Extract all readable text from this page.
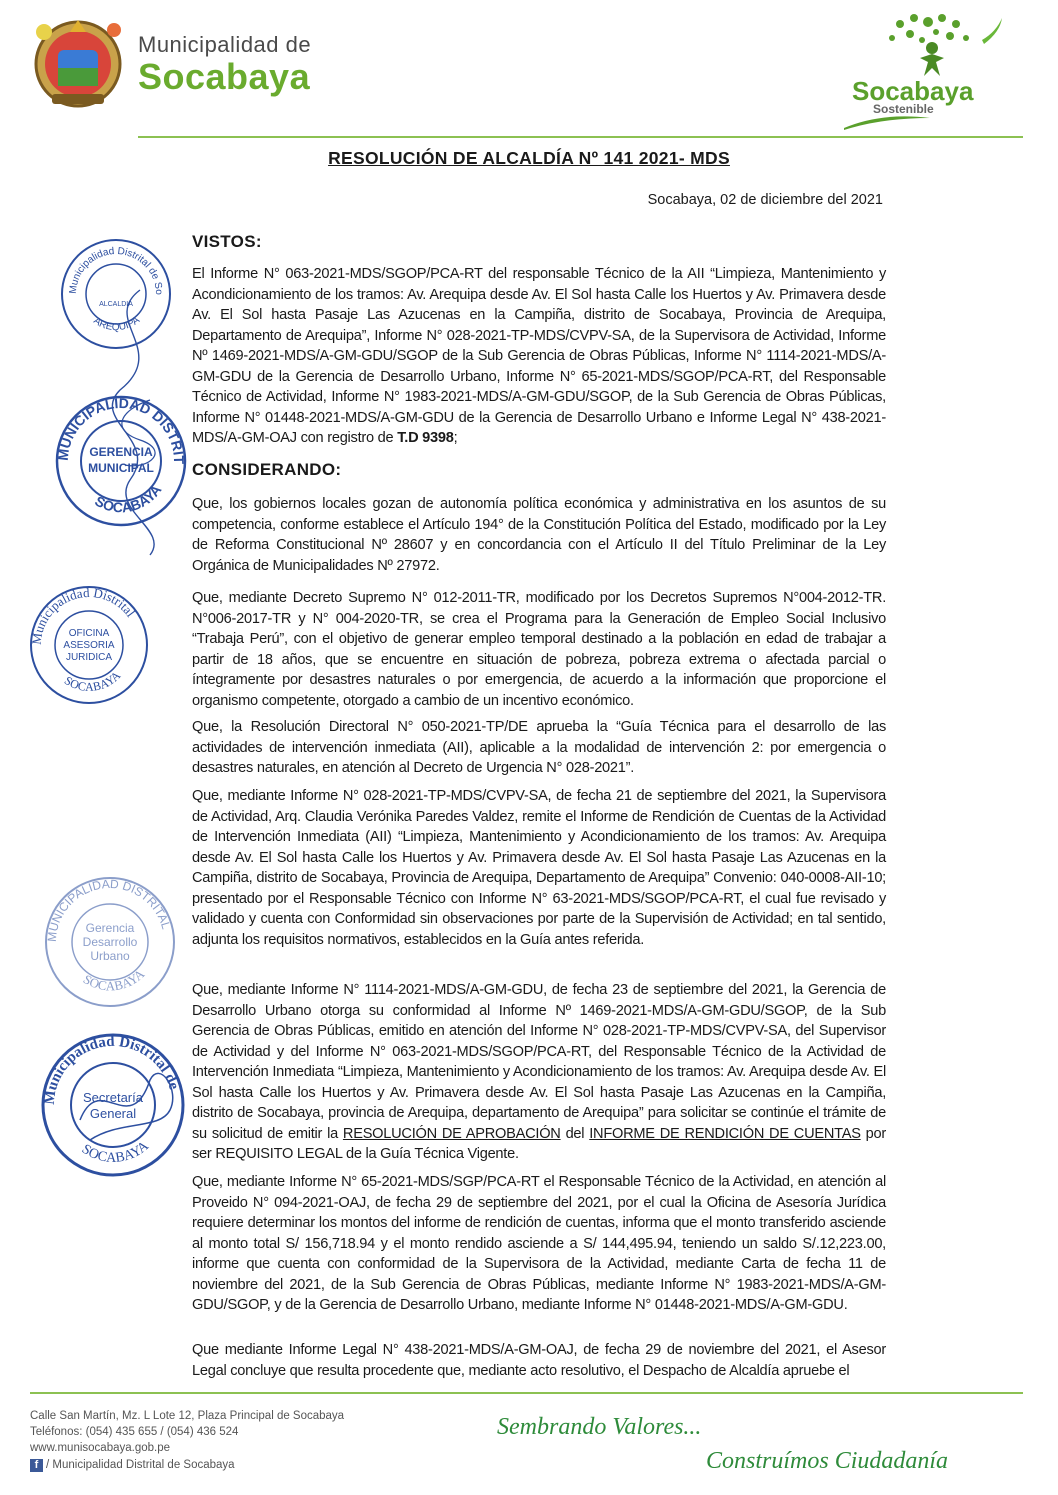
Municipalidad de
Socabaya	Socabaya
Sostenible
RESOLUCIÓN DE ALCALDÍA Nº 141 2021- MDS
Socabaya, 02 de diciembre del 2021
VISTOS:
El Informe N° 063-2021-MDS/SGOP/PCA-RT del responsable Técnico de la AII “Limpieza, Mantenimiento y Acondicionamiento de los tramos: Av. Arequipa desde Av. El Sol hasta Calle los Huertos y Av. Primavera desde Av. El Sol hasta Pasaje Las Azucenas en la Campiña, distrito de Socabaya, Provincia de Arequipa, Departamento de Arequipa”, Informe N° 028-2021-TP-MDS/CVPV-SA, de la Supervisora de Actividad, Informe Nº 1469-2021-MDS/A-GM-GDU/SGOP de la Sub Gerencia de Obras Públicas, Informe N° 1114-2021-MDS/A-GM-GDU de la Gerencia de Desarrollo Urbano, Informe N° 65-2021-MDS/SGOP/PCA-RT, del Responsable Técnico de Actividad, Informe N° 1983-2021-MDS/A-GM-GDU/SGOP, de la Sub Gerencia de Obras Públicas, Informe N° 01448-2021-MDS/A-GM-GDU de la Gerencia de Desarrollo Urbano e Informe Legal N° 438-2021-MDS/A-GM-OAJ con registro de T.D 9398;
CONSIDERANDO:
Que, los gobiernos locales gozan de autonomía política económica y administrativa en los asuntos de su competencia, conforme establece el Artículo 194° de la Constitución Política del Estado, modificado por la Ley de Reforma Constitucional Nº 28607 y en concordancia con el Artículo II del Título Preliminar de la Ley Orgánica de Municipalidades Nº 27972.
Que, mediante Decreto Supremo N° 012-2011-TR, modificado por los Decretos Supremos N°004-2012-TR. N°006-2017-TR y N° 004-2020-TR, se crea el Programa para la Generación de Empleo Social Inclusivo “Trabaja Perú”, con el objetivo de generar empleo temporal destinado a la población en edad de trabajar a partir de 18 años, que se encuentre en situación de pobreza, pobreza extrema o afectada parcial o íntegramente por desastres naturales o por emergencia, de acuerdo a la información que proporcione el organismo competente, otorgado a cambio de un incentivo económico.
Que, la Resolución Directoral N° 050-2021-TP/DE aprueba la “Guía Técnica para el desarrollo de las actividades de intervención inmediata (AII), aplicable a la modalidad de intervención 2: por emergencia o desastres naturales, en atención al Decreto de Urgencia N° 028-2021”.
Que, mediante Informe N° 028-2021-TP-MDS/CVPV-SA, de fecha 21 de septiembre del 2021, la Supervisora de Actividad, Arq. Claudia Verónika Paredes Valdez, remite el Informe de Rendición de Cuentas de la Actividad de Intervención Inmediata (AII) “Limpieza, Mantenimiento y Acondicionamiento de los tramos: Av. Arequipa desde Av. El Sol hasta Calle los Huertos y Av. Primavera desde Av. El Sol hasta Pasaje Las Azucenas en la Campiña, distrito de Socabaya, Provincia de Arequipa, Departamento de Arequipa” Convenio: 040-0008-AII-10; presentado por el Responsable Técnico con Informe N° 63-2021-MDS/SGOP/PCA-RT, el cual fue revisado y validado y cuenta con Conformidad sin observaciones por parte de la Supervisión de Actividad; en tal sentido, adjunta los requisitos normativos, establecidos en la Guía antes referida.
Que, mediante Informe N° 1114-2021-MDS/A-GM-GDU, de fecha 23 de septiembre del 2021, la Gerencia de Desarrollo Urbano otorga su conformidad al Informe Nº 1469-2021-MDS/A-GM-GDU/SGOP, de la Sub Gerencia de Obras Públicas, emitido en atención del Informe N° 028-2021-TP-MDS/CVPV-SA, del Supervisor de Actividad y del Informe N° 063-2021-MDS/SGOP/PCA-RT, del Responsable Técnico de la Actividad de Intervención Inmediata “Limpieza, Mantenimiento y Acondicionamiento de los tramos: Av. Arequipa desde Av. El Sol hasta Calle los Huertos y Av. Primavera desde Av. El Sol hasta Pasaje Las Azucenas en la Campiña, distrito de Socabaya, provincia de Arequipa, departamento de Arequipa” para solicitar se continúe el trámite de su solicitud de emitir la RESOLUCIÓN DE APROBACIÓN del INFORME DE RENDICIÓN DE CUENTAS por ser REQUISITO LEGAL de la Guía Técnica Vigente.
Que, mediante Informe N° 65-2021-MDS/SGP/PCA-RT el Responsable Técnico de la Actividad, en atención al Proveido N° 094-2021-OAJ, de fecha 29 de septiembre del 2021, por el cual la Oficina de Asesoría Jurídica requiere determinar los montos del informe de rendición de cuentas, informa que el monto transferido asciende al monto total S/ 156,718.94 y el monto rendido asciende a S/ 144,495.94, teniendo un saldo S/.12,223.00, informe que cuenta con conformidad de la Supervisora de la Actividad, mediante Carta de fecha 11 de noviembre del 2021, de la Sub Gerencia de Obras Públicas, mediante Informe N° 1983-2021-MDS/A-GM-GDU/SGOP, y de la Gerencia de Desarrollo Urbano, mediante Informe N° 01448-2021-MDS/A-GM-GDU.
Que mediante Informe Legal N° 438-2021-MDS/A-GM-OAJ, de fecha 29 de noviembre del 2021, el Asesor Legal concluye que resulta procedente que, mediante acto resolutivo, el Despacho de Alcaldía apruebe el
Municipalidad Distrital de So
ALCALDIA
AREQUIPA
MUNICIPALIDAD DISTRIT
GERENCIA
MUNICIPAL
SOCABAYA
Municipalidad Distrital
OFICINA
ASESORIA
JURIDICA
SOCABAYA
MUNICIPALIDAD DISTRITAL
Gerencia
Desarrollo
Urbano
SOCABAYA
Municipalidad Distrital de
Secretaría
General
SOCABAYA
Calle San Martín, Mz. L Lote 12, Plaza Principal de Socabaya
Teléfonos: (054) 435 655 / (054) 436 524
www.munisocabaya.gob.pe
f / Municipalidad Distrital de Socabaya
Sembrando Valores...
Construímos Ciudadanía
